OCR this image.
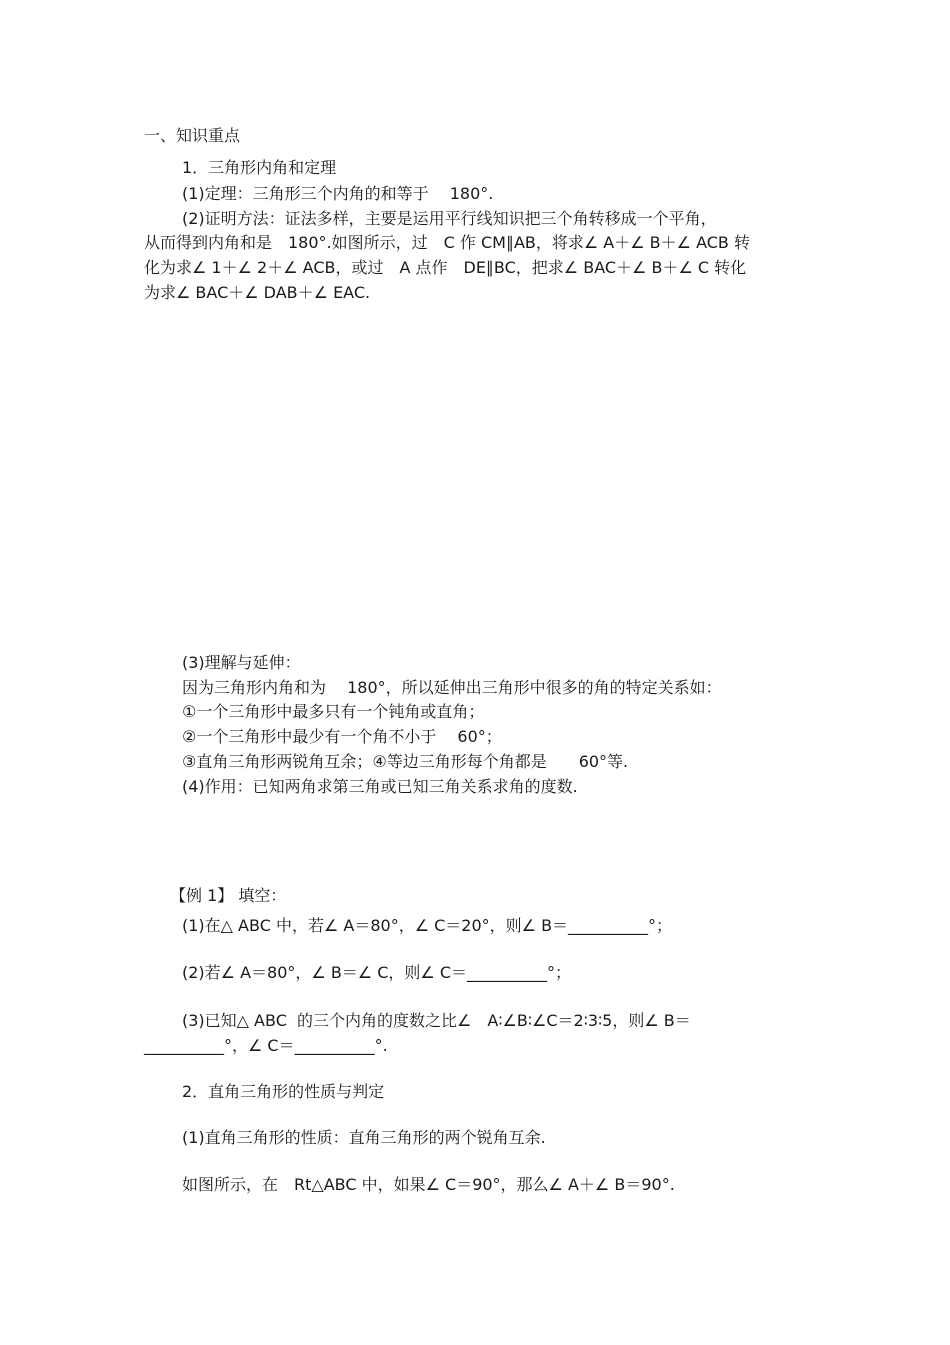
一、知识重点

1．三角形内角和定理

(1)定理：三角形三个内角的和等于　 180°.

(2)证明方法：证法多样，主要是运用平行线知识把三个角转移成一个平角，

从而得到内角和是　180°.如图所示，过　C 作 CM∥AB，将求∠ A＋∠ B＋∠ ACB 转

化为求∠ 1＋∠ 2＋∠ ACB，或过　A 点作　DE∥BC，把求∠ BAC＋∠ B＋∠ C 转化

为求∠ BAC＋∠ DAB＋∠ EAC.

(3)理解与延伸：

因为三角形内角和为　 180°，所以延伸出三角形中很多的角的特定关系如：

①一个三角形中最多只有一个钝角或直角；

②一个三角形中最少有一个角不小于　 60°；

③直角三角形两锐角互余；④等边三角形每个角都是　　60°等.

(4)作用：已知两角求第三角或已知三角关系求角的度数.

【例 1】 填空：

(1)在△ ABC 中，若∠ A＝80°，∠ C＝20°，则∠ B＝__________°；

(2)若∠ A＝80°，∠ B＝∠ C，则∠ C＝__________°；

(3)已知△ ABC  的三个内角的度数之比∠　A∶∠B∶∠C＝2∶3∶5，则∠ B＝

__________°，∠ C＝__________°.

2．直角三角形的性质与判定

(1)直角三角形的性质：直角三角形的两个锐角互余.

如图所示，在　Rt△ABC 中，如果∠ C＝90°，那么∠ A＋∠ B＝90°.
